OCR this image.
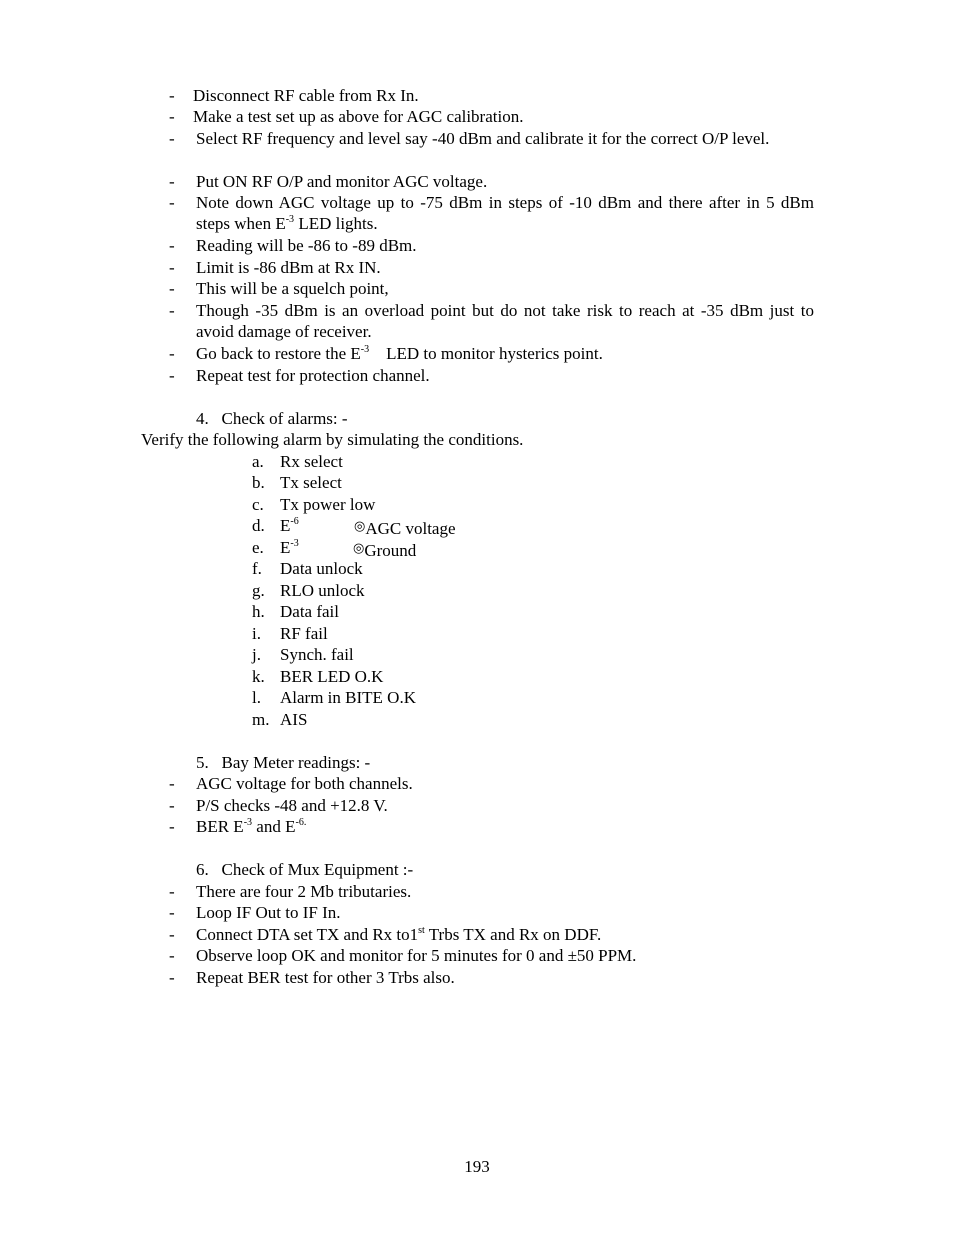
- Disconnect RF cable from Rx In.
- Make a test set up as above for AGC calibration.
- Select RF frequency and level say -40 dBm and calibrate it for the correct O/P level.
- Put ON RF O/P and monitor AGC voltage.
- Note down AGC voltage up to -75 dBm in steps of -10 dBm and there after in 5 dBm steps when $E^{-3}$ LED lights.
- Reading will be -86 to -89 dBm.
- Limit is -86 dBm at Rx IN.
- This will be a squelch point,
- Though -35 dBm is an overload point but do not take risk to reach at -35 dBm just to avoid damage of receiver.
- Go back to restore the $E^{-3}$    LED to monitor hysterics point.
- Repeat test for protection channel.
4.   Check of alarms: -
Verify the following alarm by simulating the conditions.
a. Rx select
b. Tx select
c. Tx power low
d. $E^{-6}$	◎AGC voltage
e. $E^{-3}$	◎Ground
f. Data unlock
g. RLO unlock
h. Data fail
i. RF fail
j. Synch. fail
k. BER LED O.K
l. Alarm in BITE O.K
m. AIS
5.   Bay Meter readings: -
- AGC voltage for both channels.
- P/S checks -48 and +12.8 V.
- BER $E^{-3}$ and $E^{-6.}$
6.   Check of Mux Equipment :-
- There are four 2 Mb tributaries.
- Loop IF Out to IF In.
- Connect DTA set TX and Rx to1st Trbs TX and Rx on DDF.
- Observe loop OK and monitor for 5 minutes for 0 and ±50 PPM.
- Repeat BER test for other 3 Trbs also.
193
